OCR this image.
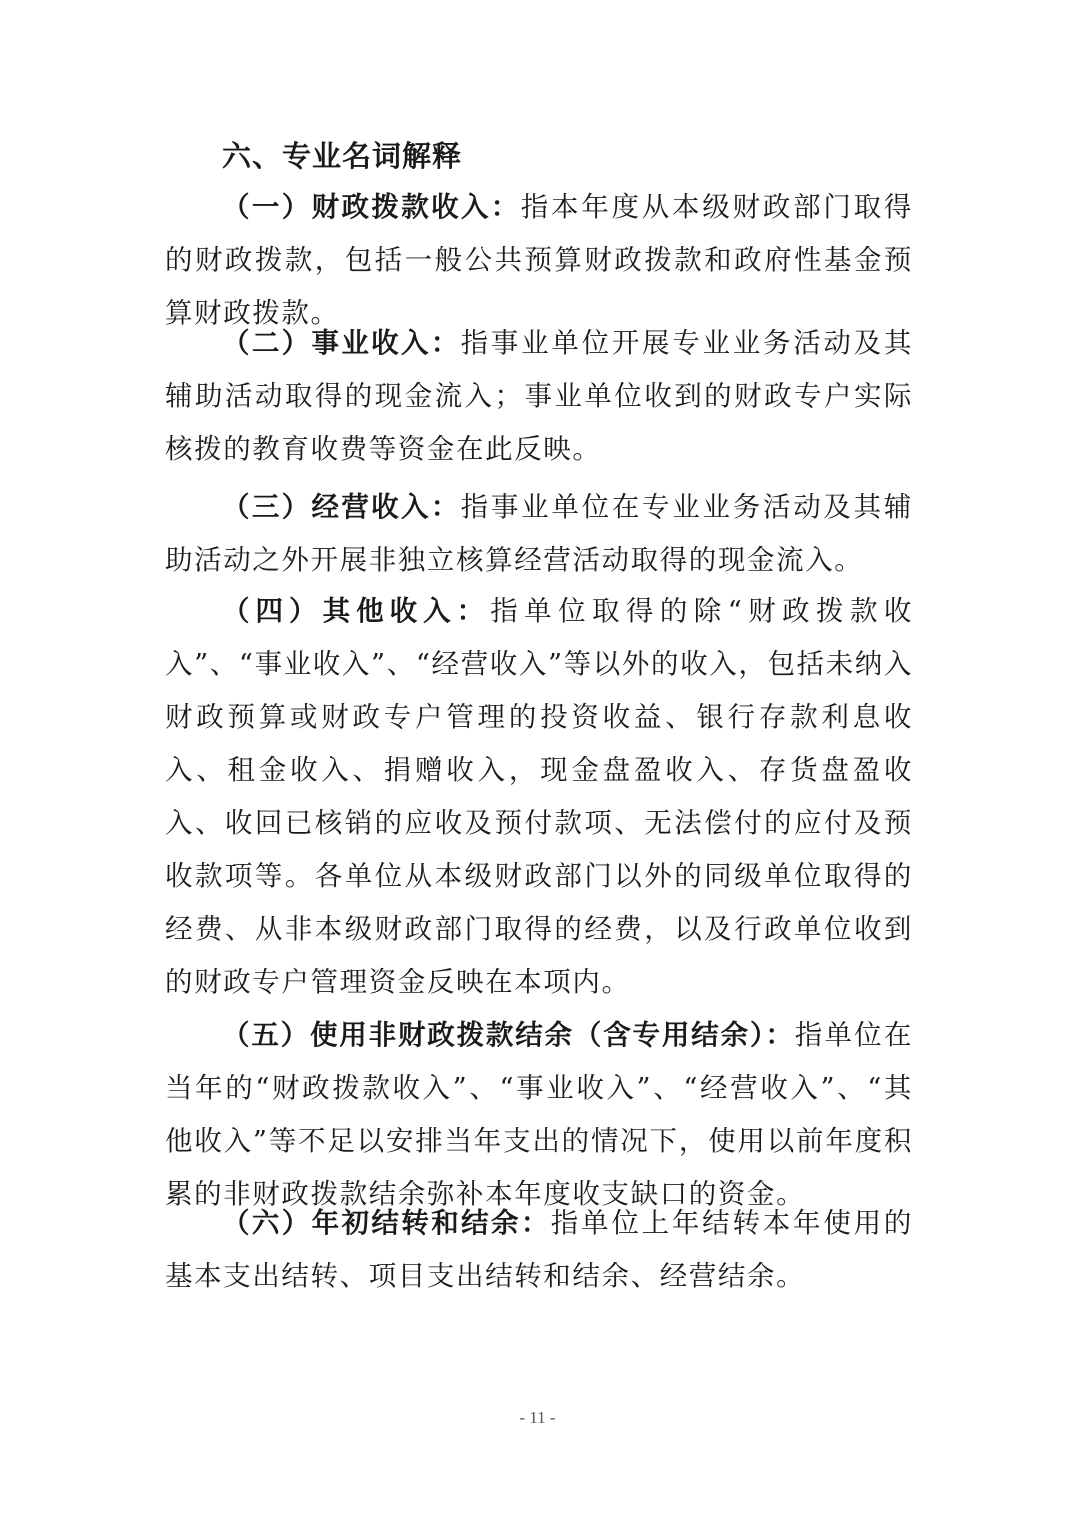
六、专业名词解释

（一）财政拨款收入：指本年度从本级财政部门取得的财政拨款，包括一般公共预算财政拨款和政府性基金预算财政拨款。

（二）事业收入：指事业单位开展专业业务活动及其辅助活动取得的现金流入；事业单位收到的财政专户实际核拨的教育收费等资金在此反映。

（三）经营收入：指事业单位在专业业务活动及其辅助活动之外开展非独立核算经营活动取得的现金流入。

（四）其他收入：指单位取得的除“财政拨款收入”、“事业收入”、“经营收入”等以外的收入，包括未纳入财政预算或财政专户管理的投资收益、银行存款利息收入、租金收入、捐赠收入，现金盘盈收入、存货盘盈收入、收回已核销的应收及预付款项、无法偿付的应付及预收款项等。各单位从本级财政部门以外的同级单位取得的经费、从非本级财政部门取得的经费，以及行政单位收到的财政专户管理资金反映在本项内。

（五）使用非财政拨款结余（含专用结余）：指单位在当年的“财政拨款收入”、“事业收入”、“经营收入”、“其他收入”等不足以安排当年支出的情况下，使用以前年度积累的非财政拨款结余弥补本年度收支缺口的资金。

（六）年初结转和结余：指单位上年结转本年使用的基本支出结转、项目支出结转和结余、经营结余。

- 11 -
